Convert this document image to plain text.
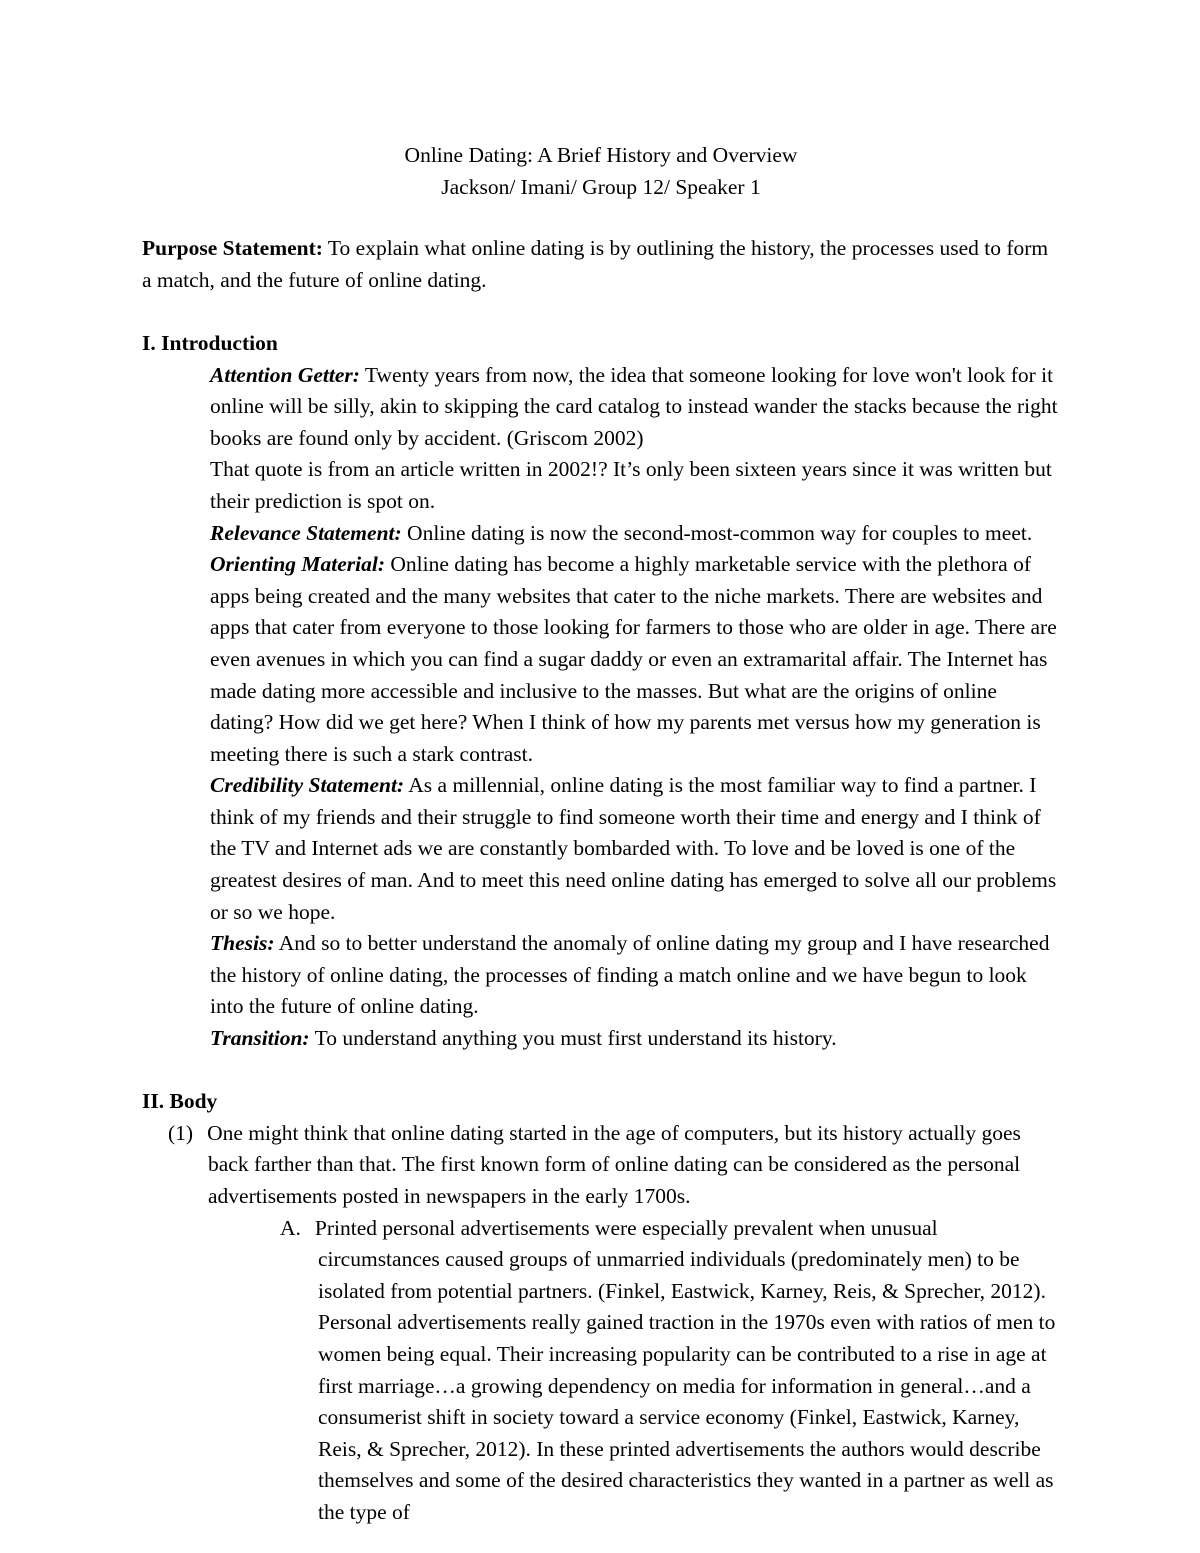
Online Dating: A Brief History and Overview
Jackson/ Imani/ Group 12/ Speaker 1

Purpose Statement: To explain what online dating is by outlining the history, the processes used to form a match, and the future of online dating.

I. Introduction

Attention Getter: Twenty years from now, the idea that someone looking for love won't look for it online will be silly, akin to skipping the card catalog to instead wander the stacks because the right books are found only by accident. (Griscom 2002)

That quote is from an article written in 2002!? It’s only been sixteen years since it was written but their prediction is spot on.

Relevance Statement: Online dating is now the second-most-common way for couples to meet.

Orienting Material: Online dating has become a highly marketable service with the plethora of apps being created and the many websites that cater to the niche markets. There are websites and apps that cater from everyone to those looking for farmers to those who are older in age. There are even avenues in which you can find a sugar daddy or even an extramarital affair. The Internet has made dating more accessible and inclusive to the masses. But what are the origins of online dating? How did we get here? When I think of how my parents met versus how my generation is meeting there is such a stark contrast.

Credibility Statement: As a millennial, online dating is the most familiar way to find a partner. I think of my friends and their struggle to find someone worth their time and energy and I think of the TV and Internet ads we are constantly bombarded with. To love and be loved is one of the greatest desires of man. And to meet this need online dating has emerged to solve all our problems or so we hope.

Thesis: And so to better understand the anomaly of online dating my group and I have researched the history of online dating, the processes of finding a match online and we have begun to look into the future of online dating.

Transition: To understand anything you must first understand its history.

II. Body

(1) One might think that online dating started in the age of computers, but its history actually goes back farther than that. The first known form of online dating can be considered as the personal advertisements posted in newspapers in the early 1700s.

A. Printed personal advertisements were especially prevalent when unusual circumstances caused groups of unmarried individuals (predominately men) to be isolated from potential partners. (Finkel, Eastwick, Karney, Reis, & Sprecher, 2012). Personal advertisements really gained traction in the 1970s even with ratios of men to women being equal. Their increasing popularity can be contributed to a rise in age at first marriage…a growing dependency on media for information in general…and a consumerist shift in society toward a service economy (Finkel, Eastwick, Karney, Reis, & Sprecher, 2012). In these printed advertisements the authors would describe themselves and some of the desired characteristics they wanted in a partner as well as the type of
